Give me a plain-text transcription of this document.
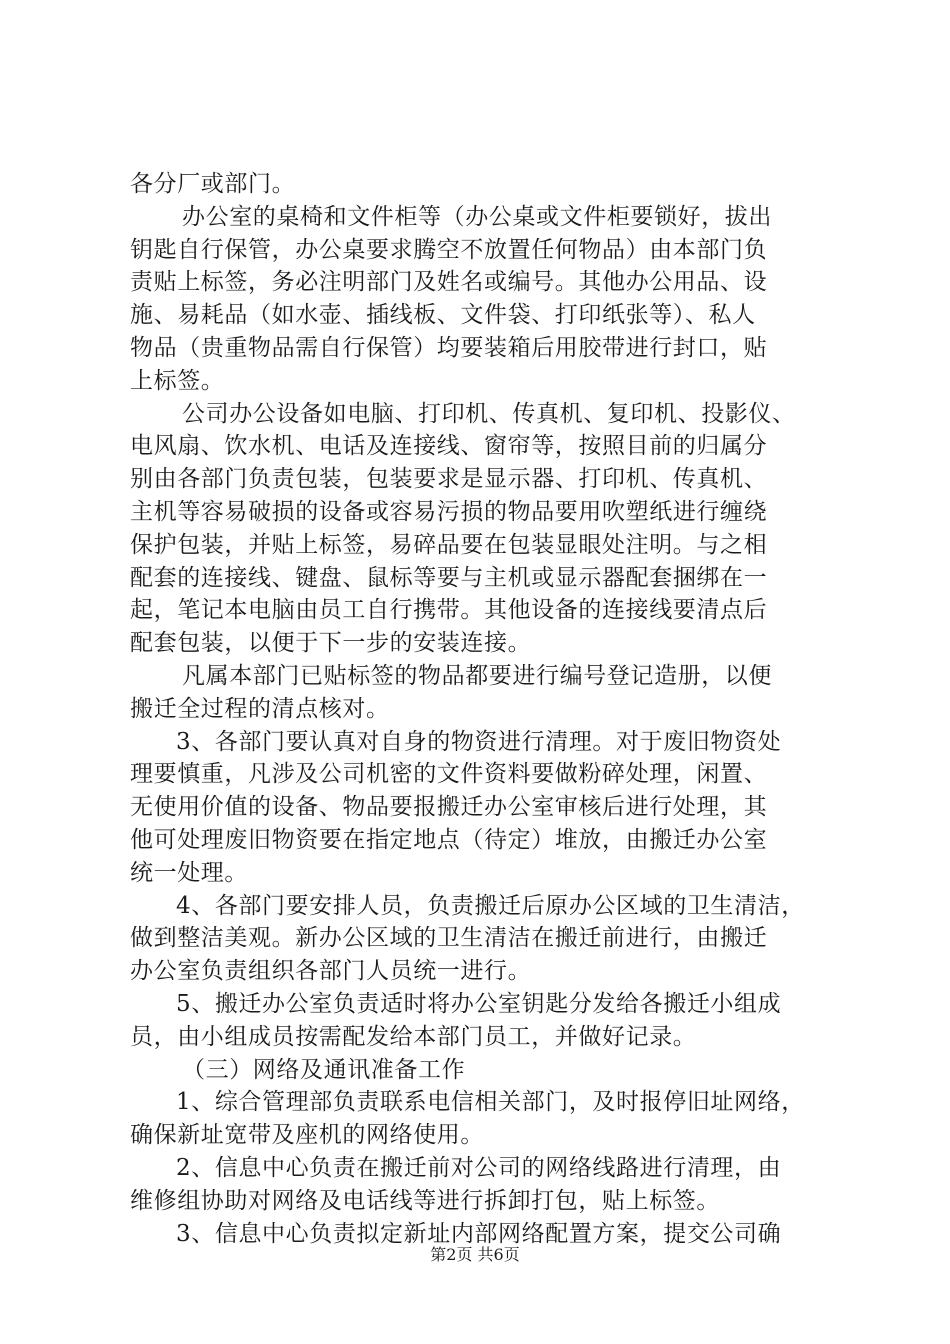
各分厂或部门。
办公室的桌椅和文件柜等（办公桌或文件柜要锁好，拔出
钥匙自行保管，办公桌要求腾空不放置任何物品）由本部门负
责贴上标签，务必注明部门及姓名或编号。其他办公用品、设
施、易耗品（如水壶、插线板、文件袋、打印纸张等）、私人
物品（贵重物品需自行保管）均要装箱后用胶带进行封口，贴
上标签。
公司办公设备如电脑、打印机、传真机、复印机、投影仪、
电风扇、饮水机、电话及连接线、窗帘等，按照目前的归属分
别由各部门负责包装，包装要求是显示器、打印机、传真机、
主机等容易破损的设备或容易污损的物品要用吹塑纸进行缠绕
保护包装，并贴上标签，易碎品要在包装显眼处注明。与之相
配套的连接线、键盘、鼠标等要与主机或显示器配套捆绑在一
起，笔记本电脑由员工自行携带。其他设备的连接线要清点后
配套包装，以便于下一步的安装连接。
凡属本部门已贴标签的物品都要进行编号登记造册，以便
搬迁全过程的清点核对。
3、各部门要认真对自身的物资进行清理。对于废旧物资处
理要慎重，凡涉及公司机密的文件资料要做粉碎处理，闲置、
无使用价值的设备、物品要报搬迁办公室审核后进行处理，其
他可处理废旧物资要在指定地点（待定）堆放，由搬迁办公室
统一处理。
4、各部门要安排人员，负责搬迁后原办公区域的卫生清洁，
做到整洁美观。新办公区域的卫生清洁在搬迁前进行，由搬迁
办公室负责组织各部门人员统一进行。
5、搬迁办公室负责适时将办公室钥匙分发给各搬迁小组成
员，由小组成员按需配发给本部门员工，并做好记录。
（三）网络及通讯准备工作
1、综合管理部负责联系电信相关部门，及时报停旧址网络，
确保新址宽带及座机的网络使用。
2、信息中心负责在搬迁前对公司的网络线路进行清理，由
维修组协助对网络及电话线等进行拆卸打包，贴上标签。
3、信息中心负责拟定新址内部网络配置方案，提交公司确
第2页 共6页
